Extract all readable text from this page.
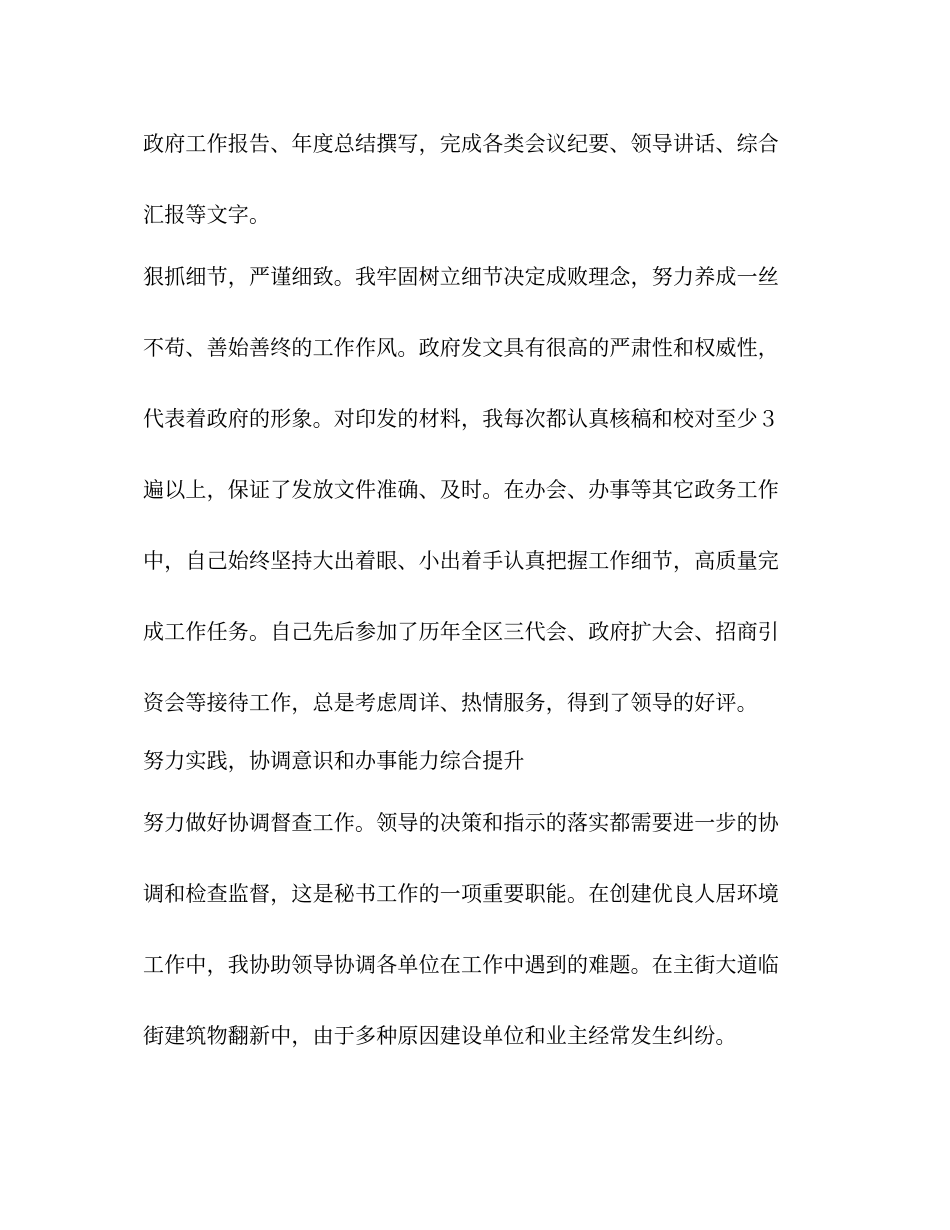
政府工作报告、年度总结撰写，完成各类会议纪要、领导讲话、综合
汇报等文字。
狠抓细节，严谨细致。我牢固树立细节决定成败理念，努力养成一丝
不苟、善始善终的工作作风。政府发文具有很高的严肃性和权威性，
代表着政府的形象。对印发的材料，我每次都认真核稿和校对至少３
遍以上，保证了发放文件准确、及时。在办会、办事等其它政务工作
中，自己始终坚持大出着眼、小出着手认真把握工作细节，高质量完
成工作任务。自己先后参加了历年全区三代会、政府扩大会、招商引
资会等接待工作，总是考虑周详、热情服务，得到了领导的好评。
努力实践，协调意识和办事能力综合提升
努力做好协调督查工作。领导的决策和指示的落实都需要进一步的协
调和检查监督，这是秘书工作的一项重要职能。在创建优良人居环境
工作中，我协助领导协调各单位在工作中遇到的难题。在主街大道临
街建筑物翻新中，由于多种原因建设单位和业主经常发生纠纷。
